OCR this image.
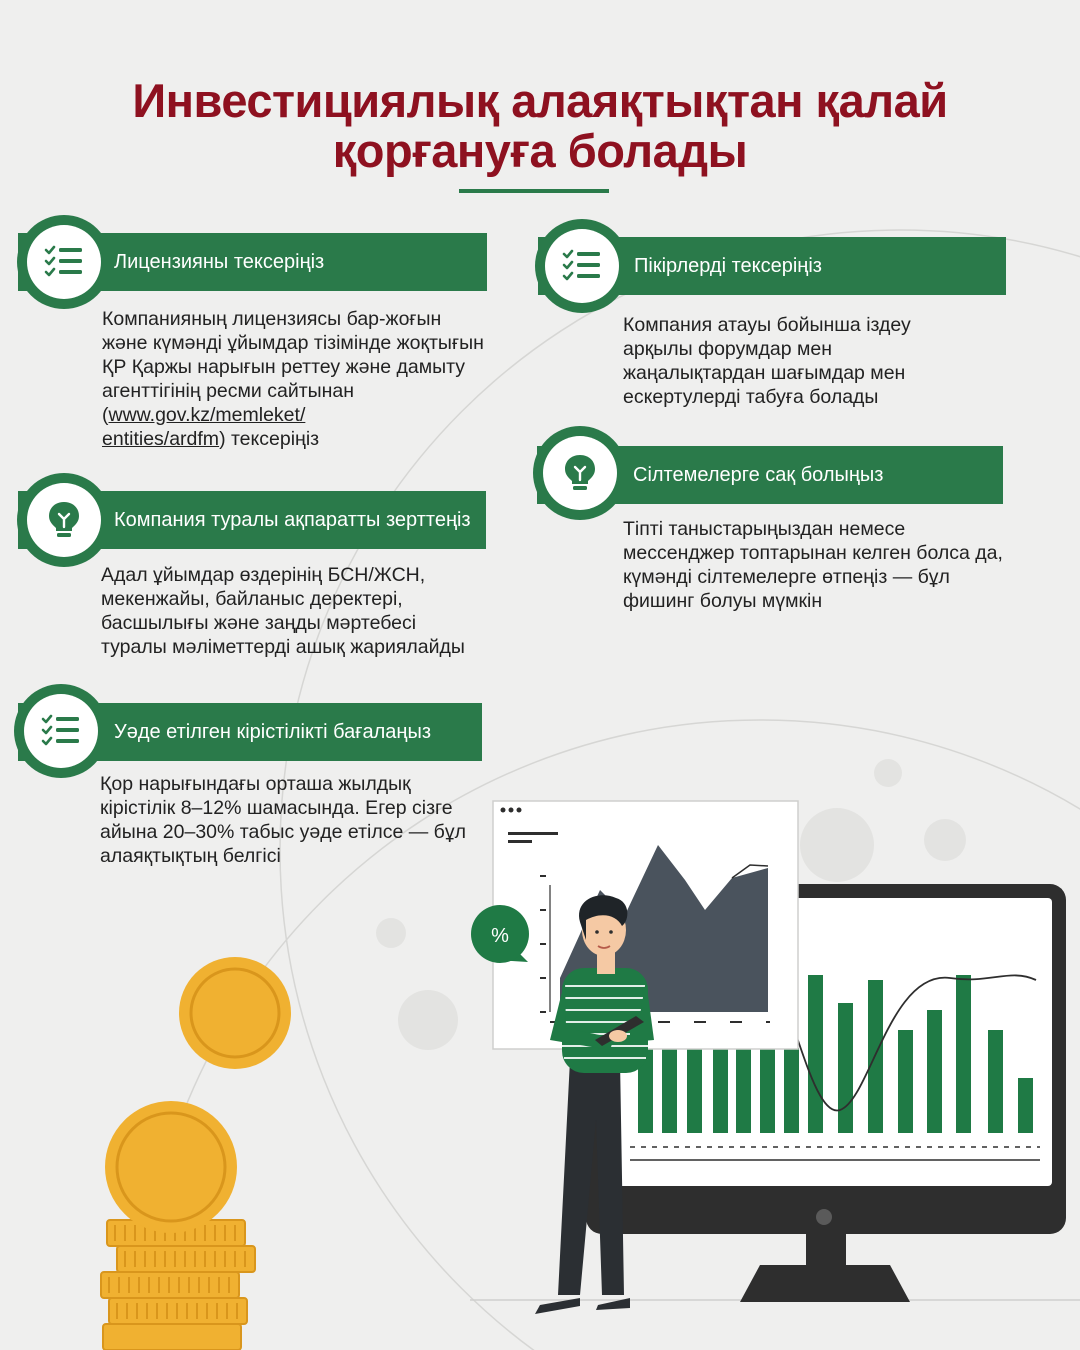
Инвестициялық алаяқтықтан қалай қорғануға болады
Лицензияны тексеріңіз

Компанияның лицензиясы бар-жоғын және күмәнді ұйымдар тізімінде жоқтығын ҚР Қаржы нарығын реттеу және дамыту агенттігінің ресми сайтынан (www.gov.kz/memleket/
entities/ardfm) тексеріңіз

Пікірлерді тексеріңіз

Компания атауы бойынша іздеу арқылы форумдар мен жаңалықтардан шағымдар мен ескертулерді табуға болады

Компания туралы ақпаратты зерттеңіз

Адал ұйымдар өздерінің БСН/ЖСН, мекенжайы, байланыс деректері, басшылығы және заңды мәртебесі туралы мәліметтерді ашық жариялайды

Сілтемелерге сақ болыңыз

Тіпті таныстарыңыздан немесе мессенджер топтарынан келген болса да, күмәнді сілтемелерге өтпеңіз — бұл фишинг болуы мүмкін

Уәде етілген кірістілікті бағалаңыз

Қор нарығындағы орташа жылдық кірістілік 8–12% шамасында. Егер сізге айына 20–30% табыс уәде етілсе — бұл алаяқтықтың белгісі

%
